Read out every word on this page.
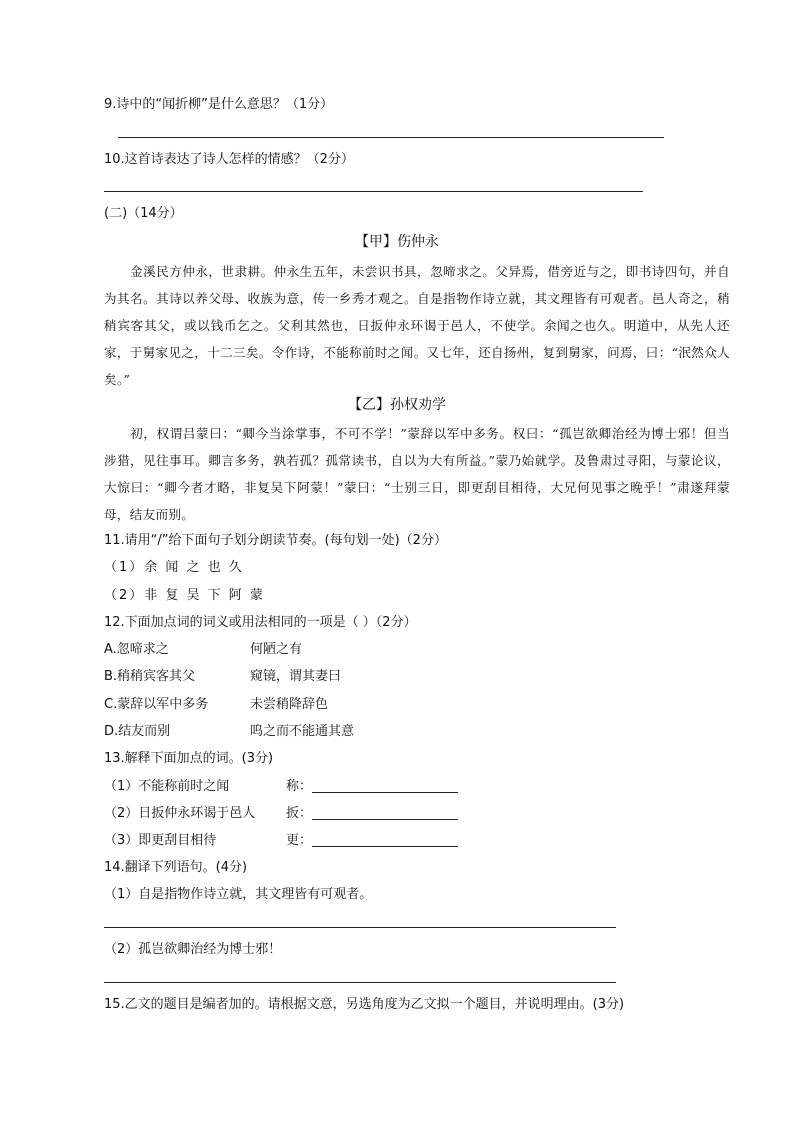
9.诗中的“闻折柳”是什么意思？（1分）
10.这首诗表达了诗人怎样的情感？（2分）
(二)（14分）
【甲】伤仲永
金溪民方仲永，世隶耕。仲永生五年，未尝识书具，忽啼求之。父异焉，借旁近与之，即书诗四句，并自为其名。其诗以养父母、收族为意，传一乡秀才观之。自是指物作诗立就，其文理皆有可观者。邑人奇之，稍稍宾客其父，或以钱币乞之。父利其然也，日扳仲永环谒于邑人，不使学。余闻之也久。明道中，从先人还家，于舅家见之，十二三矣。令作诗，不能称前时之闻。又七年，还自扬州，复到舅家，问焉，曰：“泯然众人矣。”
【乙】孙权劝学
初，权谓吕蒙曰：“卿今当涂掌事，不可不学！”蒙辞以军中多务。权曰：“孤岂欲卿治经为博士邪！但当涉猎，见往事耳。卿言多务，孰若孤？孤常读书，自以为大有所益。”蒙乃始就学。及鲁肃过寻阳，与蒙论议，大惊曰：“卿今者才略，非复吴下阿蒙！”蒙曰：“士别三日，即更刮目相待，大兄何见事之晚乎！”肃遂拜蒙母，结友而别。
11.请用“/”给下面句子划分朗读节奏。(每句划一处)（2分）
（1）余 闻 之 也 久
（2）非 复 吴 下 阿 蒙
12.下面加点词的词义或用法相同的一项是（ ）（2分）
A.忽啼求之	何陋之有
B.稍稍宾客其父	窥镜，谓其妻曰
C.蒙辞以军中多务	未尝稍降辞色
D.结友而别	呜之而不能通其意
13.解释下面加点的词。(3分)
（1）不能称前时之闻	称：
（2）日扳仲永环谒于邑人 扳：
（3）即更刮目相待	更：
14.翻译下列语句。(4分)
（1）自是指物作诗立就，其文理皆有可观者。
（2）孤岂欲卿治经为博士邪！
15.乙文的题目是编者加的。请根据文意，另选角度为乙文拟一个题目，并说明理由。(3分)
